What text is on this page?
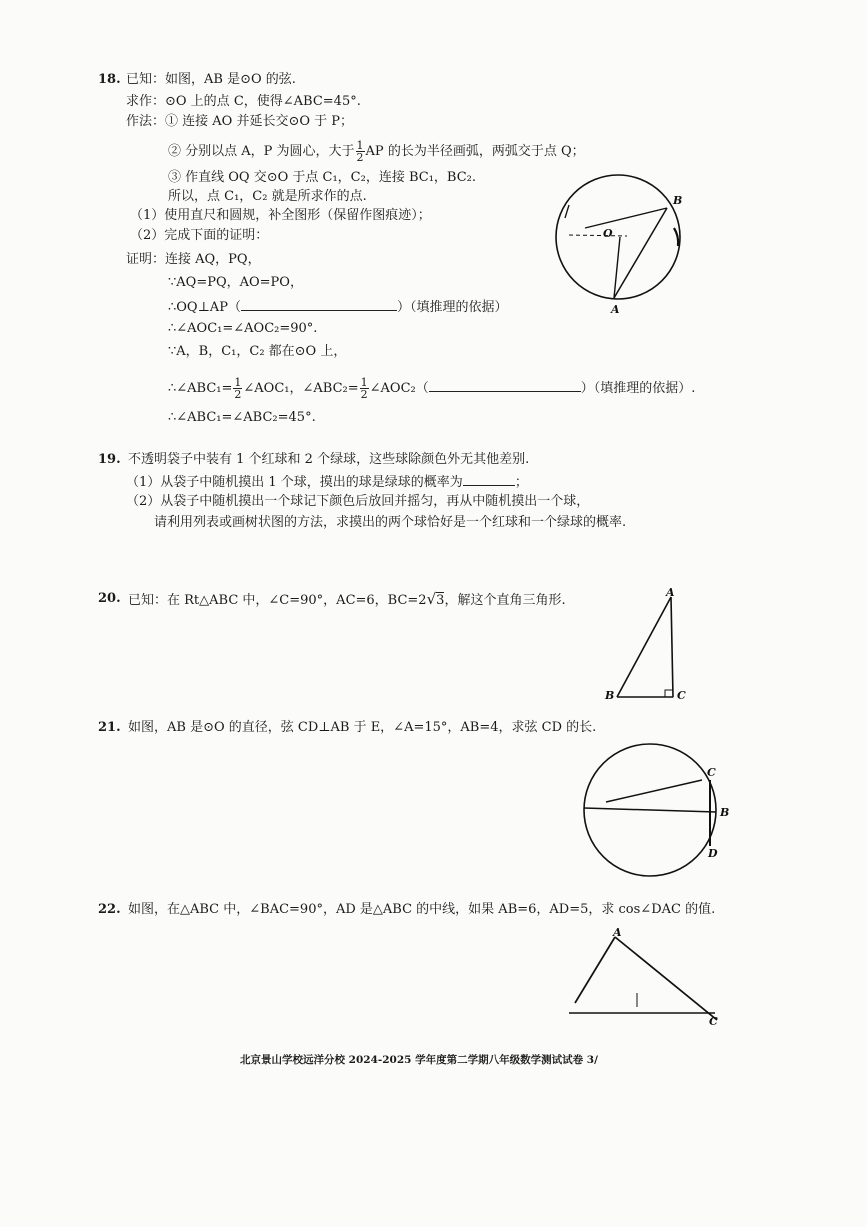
18. 已知：如图，AB 是⊙O 的弦.
求作：⊙O 上的点 C，使得∠ABC=45°.
作法：① 连接 AO 并延长交⊙O 于 P；
② 分别以点 A，P 为圆心，大于 $\frac{1}{2}$ AP 的长为半径画弧，两弧交于点 Q；
③ 作直线 OQ 交⊙O 于点 C₁，C₂，连接 BC₁，BC₂.
所以，点 C₁，C₂ 就是所求作的点.
（1）使用直尺和圆规，补全图形（保留作图痕迹）；
（2）完成下面的证明：
证明：连接 AQ，PQ，
∵AQ=PQ，AO=PO，
∴OQ⊥AP（	）（填推理的依据）
∴∠AOC₁=∠AOC₂=90°.
∵A，B，C₁，C₂ 都在⊙O 上，
∴∠ABC₁= $\frac{1}{2}$ ∠AOC₁，∠ABC₂= $\frac{1}{2}$ ∠AOC₂（	）（填推理的依据）.
∴∠ABC₁=∠ABC₂=45°.
B
O
A
19. 不透明袋子中装有 1 个红球和 2 个绿球，这些球除颜色外无其他差别.
（1）从袋子中随机摸出 1 个球，摸出的球是绿球的概率为	；
（2）从袋子中随机摸出一个球记下颜色后放回并摇匀，再从中随机摸出一个球，
请利用列表或画树状图的方法，求摸出的两个球恰好是一个红球和一个绿球的概率.
20. 已知：在 Rt△ABC 中，∠C=90°，AC=6，BC=2√3，解这个直角三角形.
A
B	C
21. 如图，AB 是⊙O 的直径，弦 CD⊥AB 于 E，∠A=15°，AB=4，求弦 CD 的长.
C
B
D
22. 如图，在△ABC 中，∠BAC=90°，AD 是△ABC 的中线，如果 AB=6，AD=5，求 cos∠DAC 的值.
A
C
北京景山学校远洋分校 2024-2025 学年度第二学期八年级数学测试试卷 3/
